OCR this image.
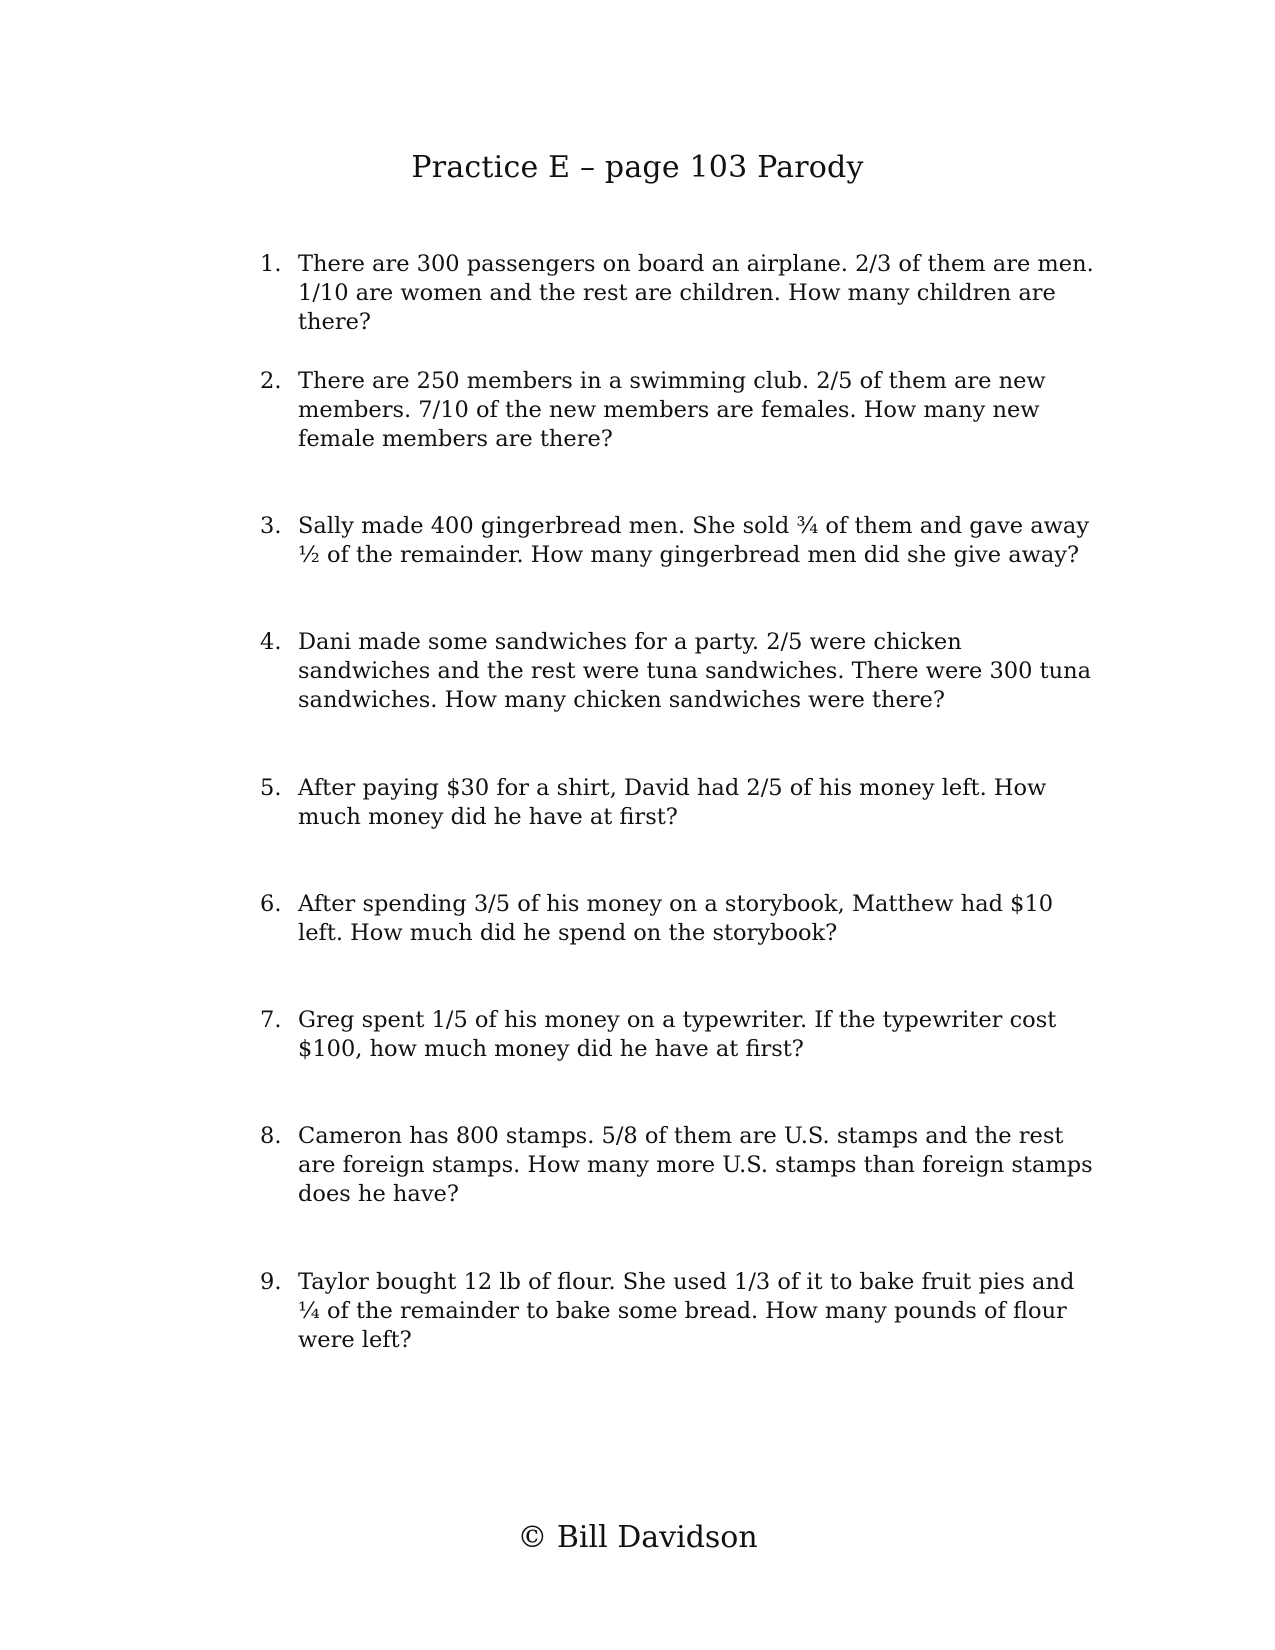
Practice E – page 103 Parody
1. There are 300 passengers on board an airplane. 2/3 of them are men. 1/10 are women and the rest are children. How many children are there?
2. There are 250 members in a swimming club. 2/5 of them are new members. 7/10 of the new members are females. How many new female members are there?
3. Sally made 400 gingerbread men. She sold ¾ of them and gave away ½ of the remainder. How many gingerbread men did she give away?
4. Dani made some sandwiches for a party. 2/5 were chicken sandwiches and the rest were tuna sandwiches. There were 300 tuna sandwiches. How many chicken sandwiches were there?
5. After paying $30 for a shirt, David had 2/5 of his money left. How much money did he have at first?
6. After spending 3/5 of his money on a storybook, Matthew had $10 left. How much did he spend on the storybook?
7. Greg spent 1/5 of his money on a typewriter. If the typewriter cost $100, how much money did he have at first?
8. Cameron has 800 stamps. 5/8 of them are U.S. stamps and the rest are foreign stamps. How many more U.S. stamps than foreign stamps does he have?
9. Taylor bought 12 lb of flour. She used 1/3 of it to bake fruit pies and ¼ of the remainder to bake some bread. How many pounds of flour were left?
© Bill Davidson
